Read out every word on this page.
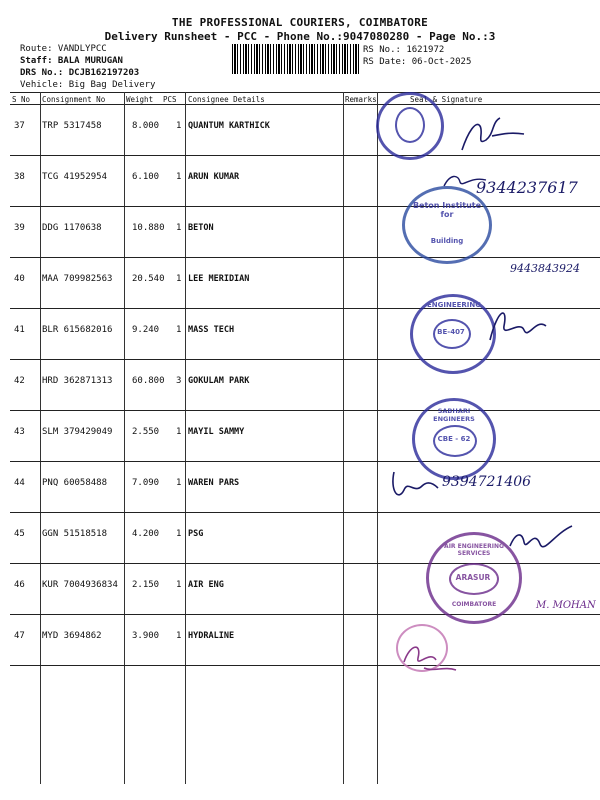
THE PROFESSIONAL COURIERS, COIMBATORE
Delivery Runsheet - PCC - Phone No.:9047080280 - Page No.:3
Route: VANDLYPCC
Staff: BALA MURUGAN
DRS No.: DCJB162197203
Vehicle: Big Bag Delivery
RS No.: 1621972
RS Date: 06-Oct-2025
S No Consignment No	Weight PCS Consignee Details	Remarks	Seal & Signature
37 TRP 5317458	8.000 1 QUANTUM KARTHICK
38 TCG 41952954	6.100 1 ARUN KUMAR
39 DDG 1170638	10.880 1 BETON
40 MAA 709982563 20.540 1 LEE MERIDIAN
41 BLR 615682016 9.240 1 MASS TECH
42 HRD 362871313 60.800 3 GOKULAM PARK
43 SLM 379429049 2.550 1 MAYIL SAMMY
44 PNQ 60058488	7.090 1 WAREN PARS
45 GGN 51518518	4.200 1 PSG
46 KUR 7004936834 2.150 1 AIR ENG
47 MYD 3694862	3.900 1 HYDRALINE
9344237617
Beton Institute for
Building
9443843924
ENGINEERING
BE-407
SABHARI ENGINEERS
CBE - 62
9394721406
AIR ENGINEERING SERVICES
ARASUR
COIMBATORE	M. MOHAN
